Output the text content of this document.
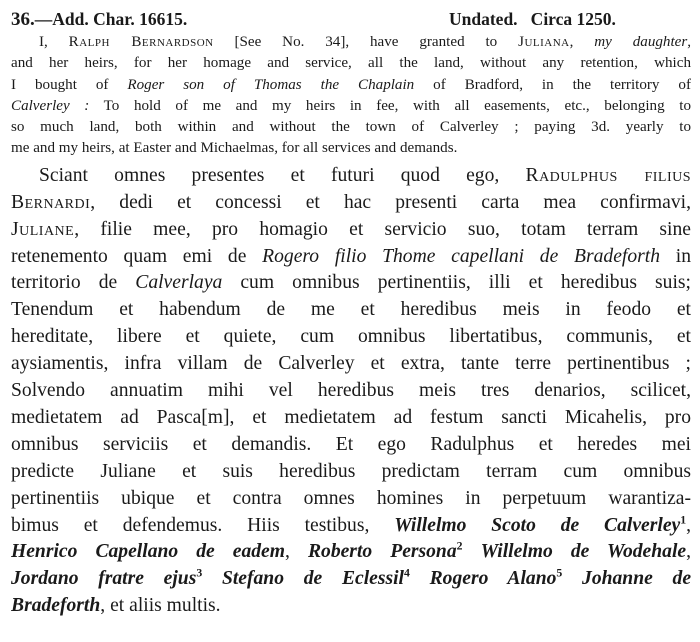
36.—Add. Char. 16615.	Undated.   Circa 1250.
I, Ralph Bernardson [See No. 34], have granted to Juliana, my daughter,
and her heirs, for her homage and service, all the land, without any retention, which
I bought of Roger son of Thomas the Chaplain of Bradford, in the territory of
Calverley : To hold of me and my heirs in fee, with all easements, etc., belonging to
so much land, both within and without the town of Calverley ; paying 3d. yearly to
me and my heirs, at Easter and Michaelmas, for all services and demands.
Sciant omnes presentes et futuri quod ego, Radulphus filius
Bernardi, dedi et concessi et hac presenti carta mea confirmavi,
Juliane, filie mee, pro homagio et servicio suo, totam terram sine
retenemento quam emi de Rogero filio Thome capellani de Bradeforth in
territorio de Calverlaya cum omnibus pertinentiis, illi et heredibus suis;
Tenendum et habendum de me et heredibus meis in feodo et
hereditate, libere et quiete, cum omnibus libertatibus, communis, et
aysiamentis, infra villam de Calverley et extra, tante terre pertinentibus ;
Solvendo annuatim mihi vel heredibus meis tres denarios, scilicet,
medietatem ad Pasca[m], et medietatem ad festum sancti Micahelis, pro
omnibus serviciis et demandis. Et ego Radulphus et heredes mei
predicte Juliane et suis heredibus predictam terram cum omnibus
pertinentiis ubique et contra omnes homines in perpetuum warantiza-
bimus et defendemus. Hiis testibus, Willelmo Scoto de Calverley$^1$,
Henrico Capellano de eadem, Roberto Persona$^2$ Willelmo de Wodehale,
Jordano fratre ejus$^3$ Stefano de Eclessil$^4$ Rogero Alano$^5$ Johanne de
Bradeforth, et aliis multis.
